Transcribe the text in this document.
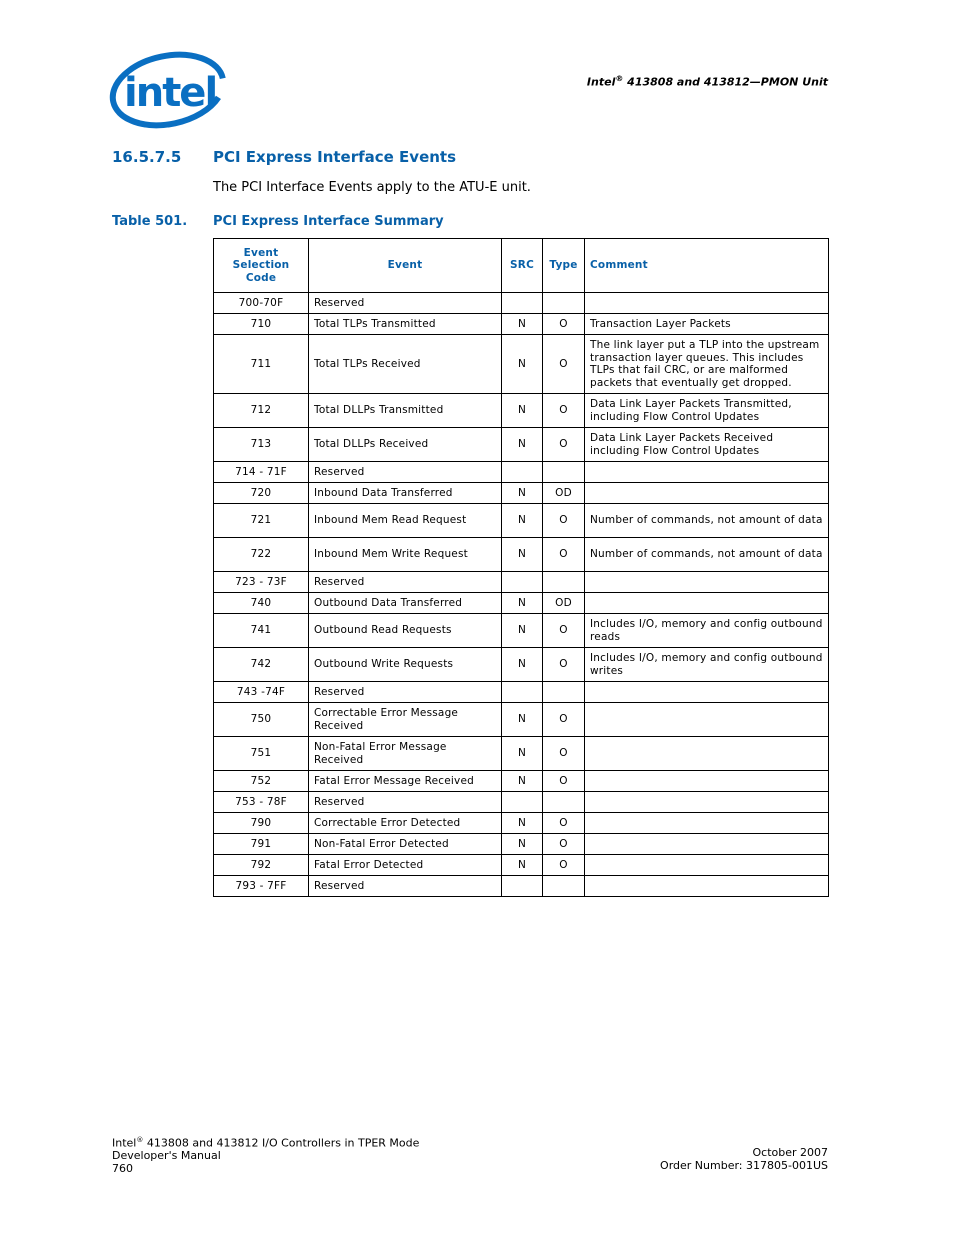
intel	Intel® 413808 and 413812—PMON Unit
16.5.7.5 PCI Express Interface Events
The PCI Interface Events apply to the ATU-E unit.
Table 501. PCI Express Interface Summary
Event Selection Code	Event	SRC	Type	Comment
700-70F	Reserved			
710	Total TLPs Transmitted	N	O	Transaction Layer Packets
711	Total TLPs Received	N	O	The link layer put a TLP into the upstream transaction layer queues. This includes TLPs that fail CRC, or are malformed packets that eventually get dropped.
712	Total DLLPs Transmitted	N	O	Data Link Layer Packets Transmitted, including Flow Control Updates
713	Total DLLPs Received	N	O	Data Link Layer Packets Received including Flow Control Updates
714 - 71F	Reserved			
720	Inbound Data Transferred	N	OD	
721	Inbound Mem Read Request	N	O	Number of commands, not amount of data
722	Inbound Mem Write Request	N	O	Number of commands, not amount of data
723 - 73F	Reserved			
740	Outbound Data Transferred	N	OD	
741	Outbound Read Requests	N	O	Includes I/O, memory and config outbound reads
742	Outbound Write Requests	N	O	Includes I/O, memory and config outbound writes
743 -74F	Reserved			
750	Correctable Error Message Received	N	O	
751	Non-Fatal Error Message Received	N	O	
752	Fatal Error Message Received	N	O	
753 - 78F	Reserved			
790	Correctable Error Detected	N	O	
791	Non-Fatal Error Detected	N	O	
792	Fatal Error Detected	N	O	
793 - 7FF	Reserved			
Intel® 413808 and 413812 I/O Controllers in TPER Mode
Developer's Manual
760
October 2007
Order Number: 317805-001US
